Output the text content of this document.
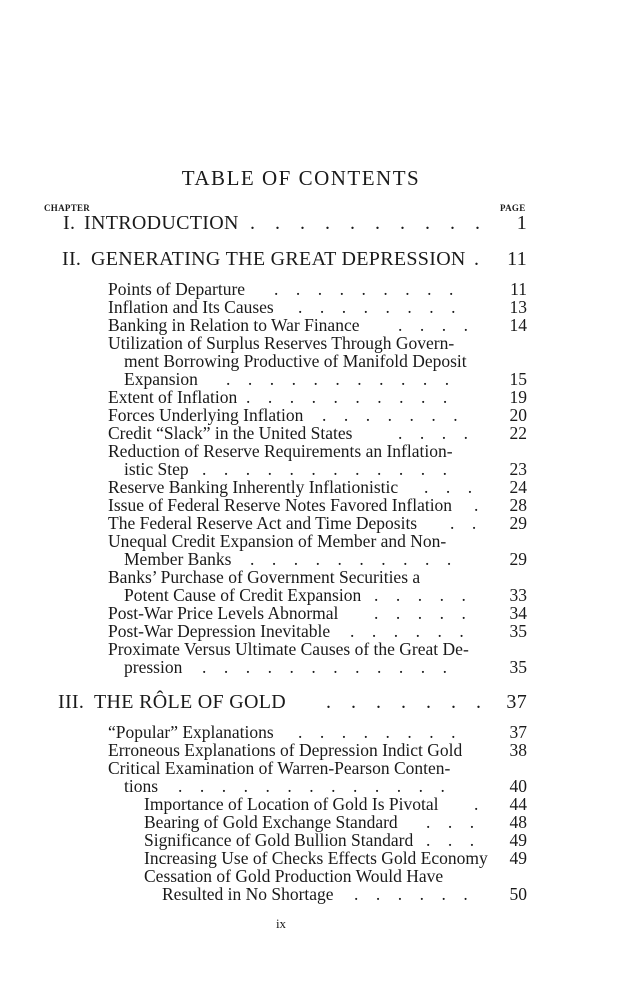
TABLE OF CONTENTS
CHAPTER	PAGE
I. INTRODUCTION .    .    .    .    .    .    .    .    .    . 1
II. GENERATING THE GREAT DEPRESSION . 11
Points of Departure .    .    .    .    .    .    .    .    .	11
Inflation and Its Causes .    .    .    .    .    .    .    .	13
Banking in Relation to War Finance .    .    .    . 14
Utilization of Surplus Reserves Through Govern-
ment Borrowing Productive of Manifold Deposit
Expansion .    .    .    .    .    .    .    .    .    .    .	15
Extent of Inflation .    .    .    .    .    .    .    .    .    .	19
Forces Underlying Inflation .    .    .    .    .    .    .	20
Credit “Slack” in the United States	.    .    .    . 22
Reduction of Reserve Requirements an Inflation-
istic Step .    .    .    .    .    .    .    .    .    .    .    .	23
Reserve Banking Inherently Inflationistic .    .    . 24
Issue of Federal Reserve Notes Favored Inflation . 28
The Federal Reserve Act and Time Deposits .    . 29
Unequal Credit Expansion of Member and Non-
Member Banks .    .    .    .    .    .    .    .    .    .	29
Banks’ Purchase of Government Securities a
Potent Cause of Credit Expansion .    .    .    .    . 33
Post-War Price Levels Abnormal .    .    .    .    . 34
Post-War Depression Inevitable .    .    .    .    .    .	35
Proximate Versus Ultimate Causes of the Great De-
pression .    .    .    .    .    .    .    .    .    .    .    .	35
III. THE RÔLE OF GOLD .    .    .    .    .    .    . 37
“Popular” Explanations .    .    .    .    .    .    .    .	37
Erroneous Explanations of Depression Indict Gold	38
Critical Examination of Warren-Pearson Conten-
tions .    .    .    .    .    .    .    .    .    .    .    .    .	40
Importance of Location of Gold Is Pivotal . 44
Bearing of Gold Exchange Standard .    .    . 48
Significance of Gold Bullion Standard .    .    . 49
Increasing Use of Checks Effects Gold Economy 49
Cessation of Gold Production Would Have
Resulted in No Shortage .    .    .    .    .    . 50
ix
